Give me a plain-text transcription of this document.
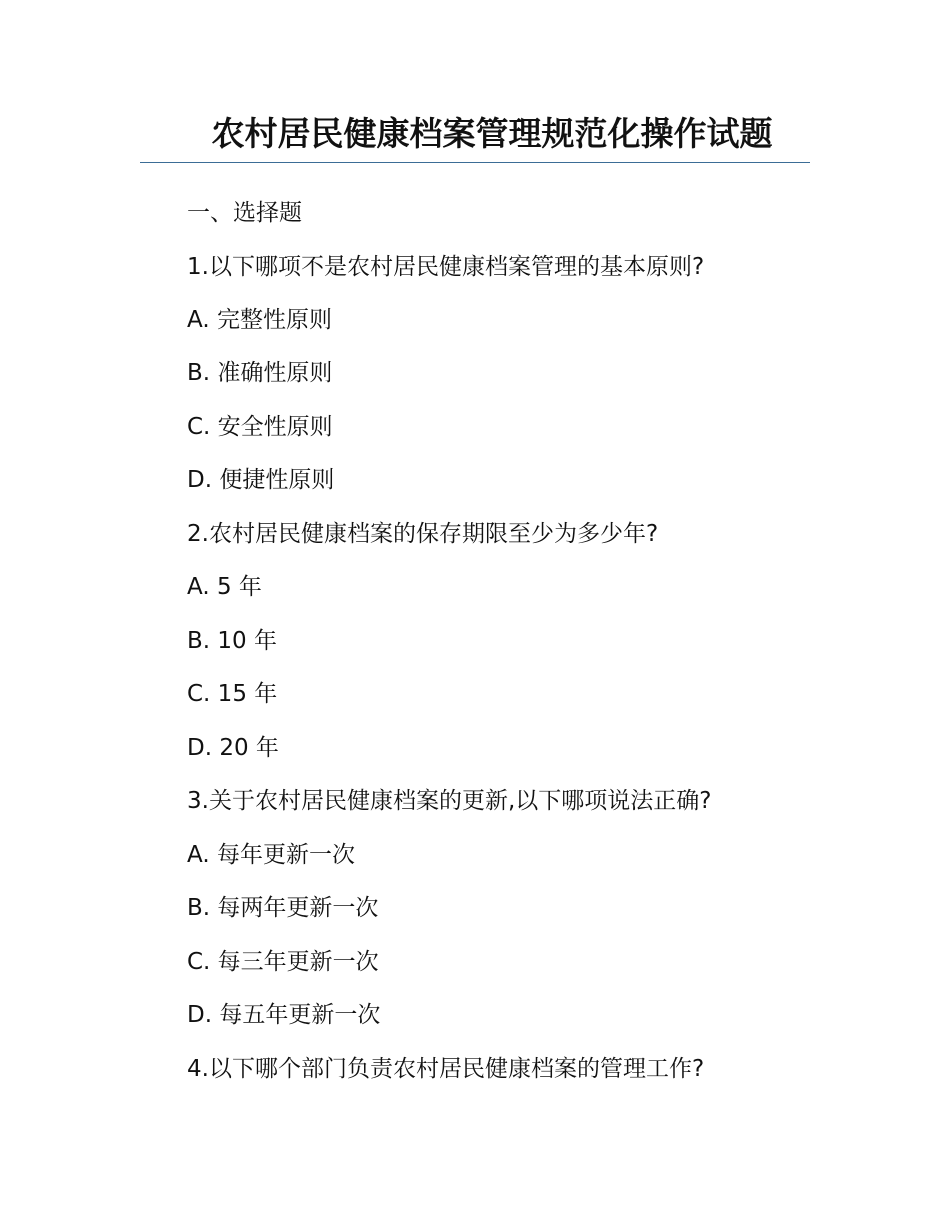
农村居民健康档案管理规范化操作试题
一、选择题
1.以下哪项不是农村居民健康档案管理的基本原则?
A. 完整性原则
B. 准确性原则
C. 安全性原则
D. 便捷性原则
2.农村居民健康档案的保存期限至少为多少年?
A. 5 年
B. 10 年
C. 15 年
D. 20 年
3.关于农村居民健康档案的更新,以下哪项说法正确?
A. 每年更新一次
B. 每两年更新一次
C. 每三年更新一次
D. 每五年更新一次
4.以下哪个部门负责农村居民健康档案的管理工作?
